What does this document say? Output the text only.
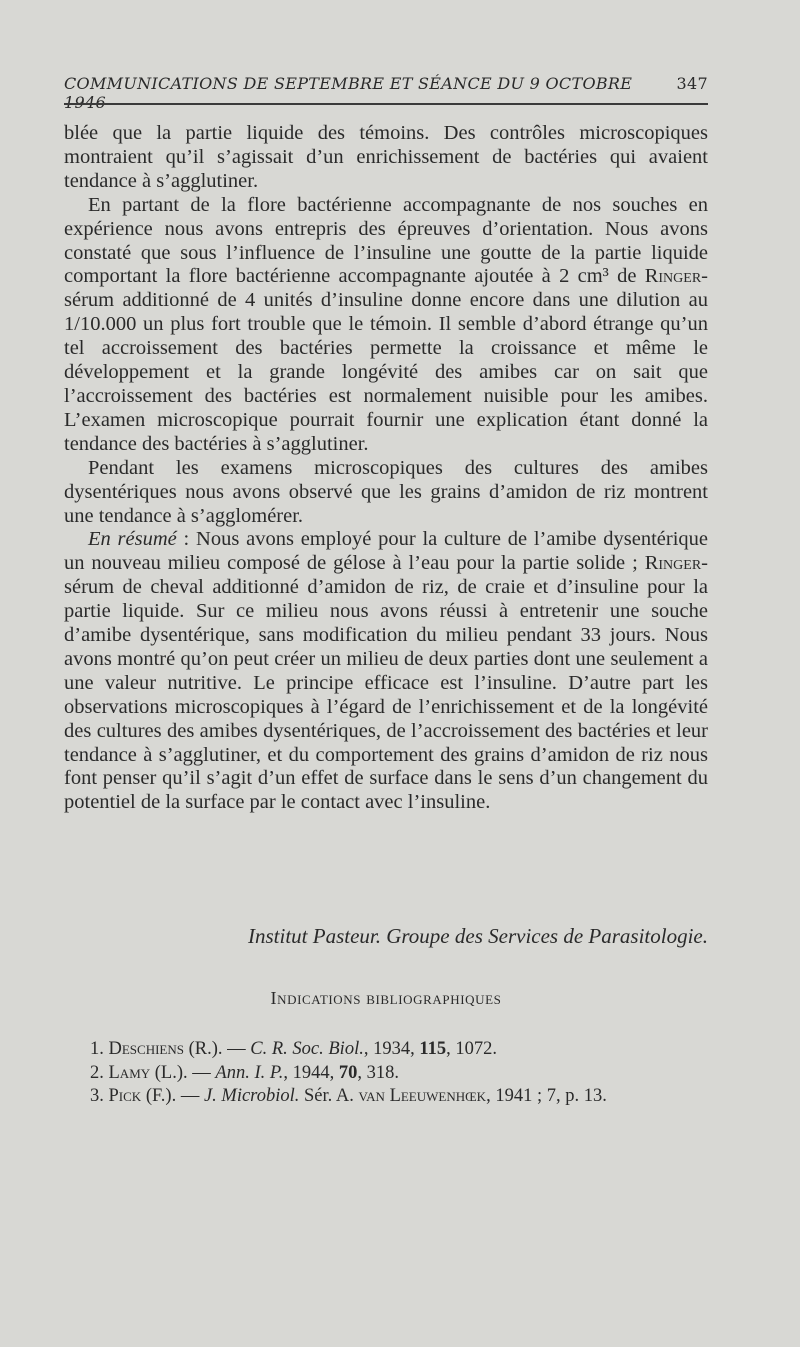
COMMUNICATIONS DE SEPTEMBRE ET SÉANCE DU 9 OCTOBRE	347

blée que la partie liquide des témoins. Des contrôles microscopiques montraient qu’il s’agissait d’un enrichissement de bactéries qui avaient tendance à s’agglutiner.

En partant de la flore bactérienne accompagnante de nos souches en expérience nous avons entrepris des épreuves d’orientation. Nous avons constaté que sous l’influence de l’insuline une goutte de la partie liquide comportant la flore bactérienne accompagnante ajoutée à 2 cm³ de Ringer-sérum additionné de 4 unités d’insuline donne encore dans une dilution au 1/10.000 un plus fort trouble que le témoin. Il semble d’abord étrange qu’un tel accroissement des bactéries permette la croissance et même le développement et la grande longévité des amibes car on sait que l’accroissement des bactéries est normalement nuisible pour les amibes. L’examen microscopique pourrait fournir une explication étant donné la tendance des bactéries à s’agglutiner.

Pendant les examens microscopiques des cultures des amibes dysentériques nous avons observé que les grains d’amidon de riz montrent une tendance à s’agglomérer.

En résumé : Nous avons employé pour la culture de l’amibe dysentérique un nouveau milieu composé de gélose à l’eau pour la partie solide ; Ringer-sérum de cheval additionné d’amidon de riz, de craie et d’insuline pour la partie liquide. Sur ce milieu nous avons réussi à entretenir une souche d’amibe dysentérique, sans modification du milieu pendant 33 jours. Nous avons montré qu’on peut créer un milieu de deux parties dont une seulement a une valeur nutritive. Le principe efficace est l’insuline. D’autre part les observations microscopiques à l’égard de l’enrichissement et de la longévité des cultures des amibes dysentériques, de l’accroissement des bactéries et leur tendance à s’agglutiner, et du comportement des grains d’amidon de riz nous font penser qu’il s’agit d’un effet de surface dans le sens d’un changement du potentiel de la surface par le contact avec l’insuline.

Institut Pasteur. Groupe des Services de Parasitologie.
Indications bibliographiques
1. Deschiens (R.). — C. R. Soc. Biol., 1934, 115, 1072.
2. Lamy (L.). — Ann. I. P., 1944, 70, 318.
3. Pick (F.). — J. Microbiol. Sér. A. van Leeuwenhœk, 1941 ; 7, p. 13.
